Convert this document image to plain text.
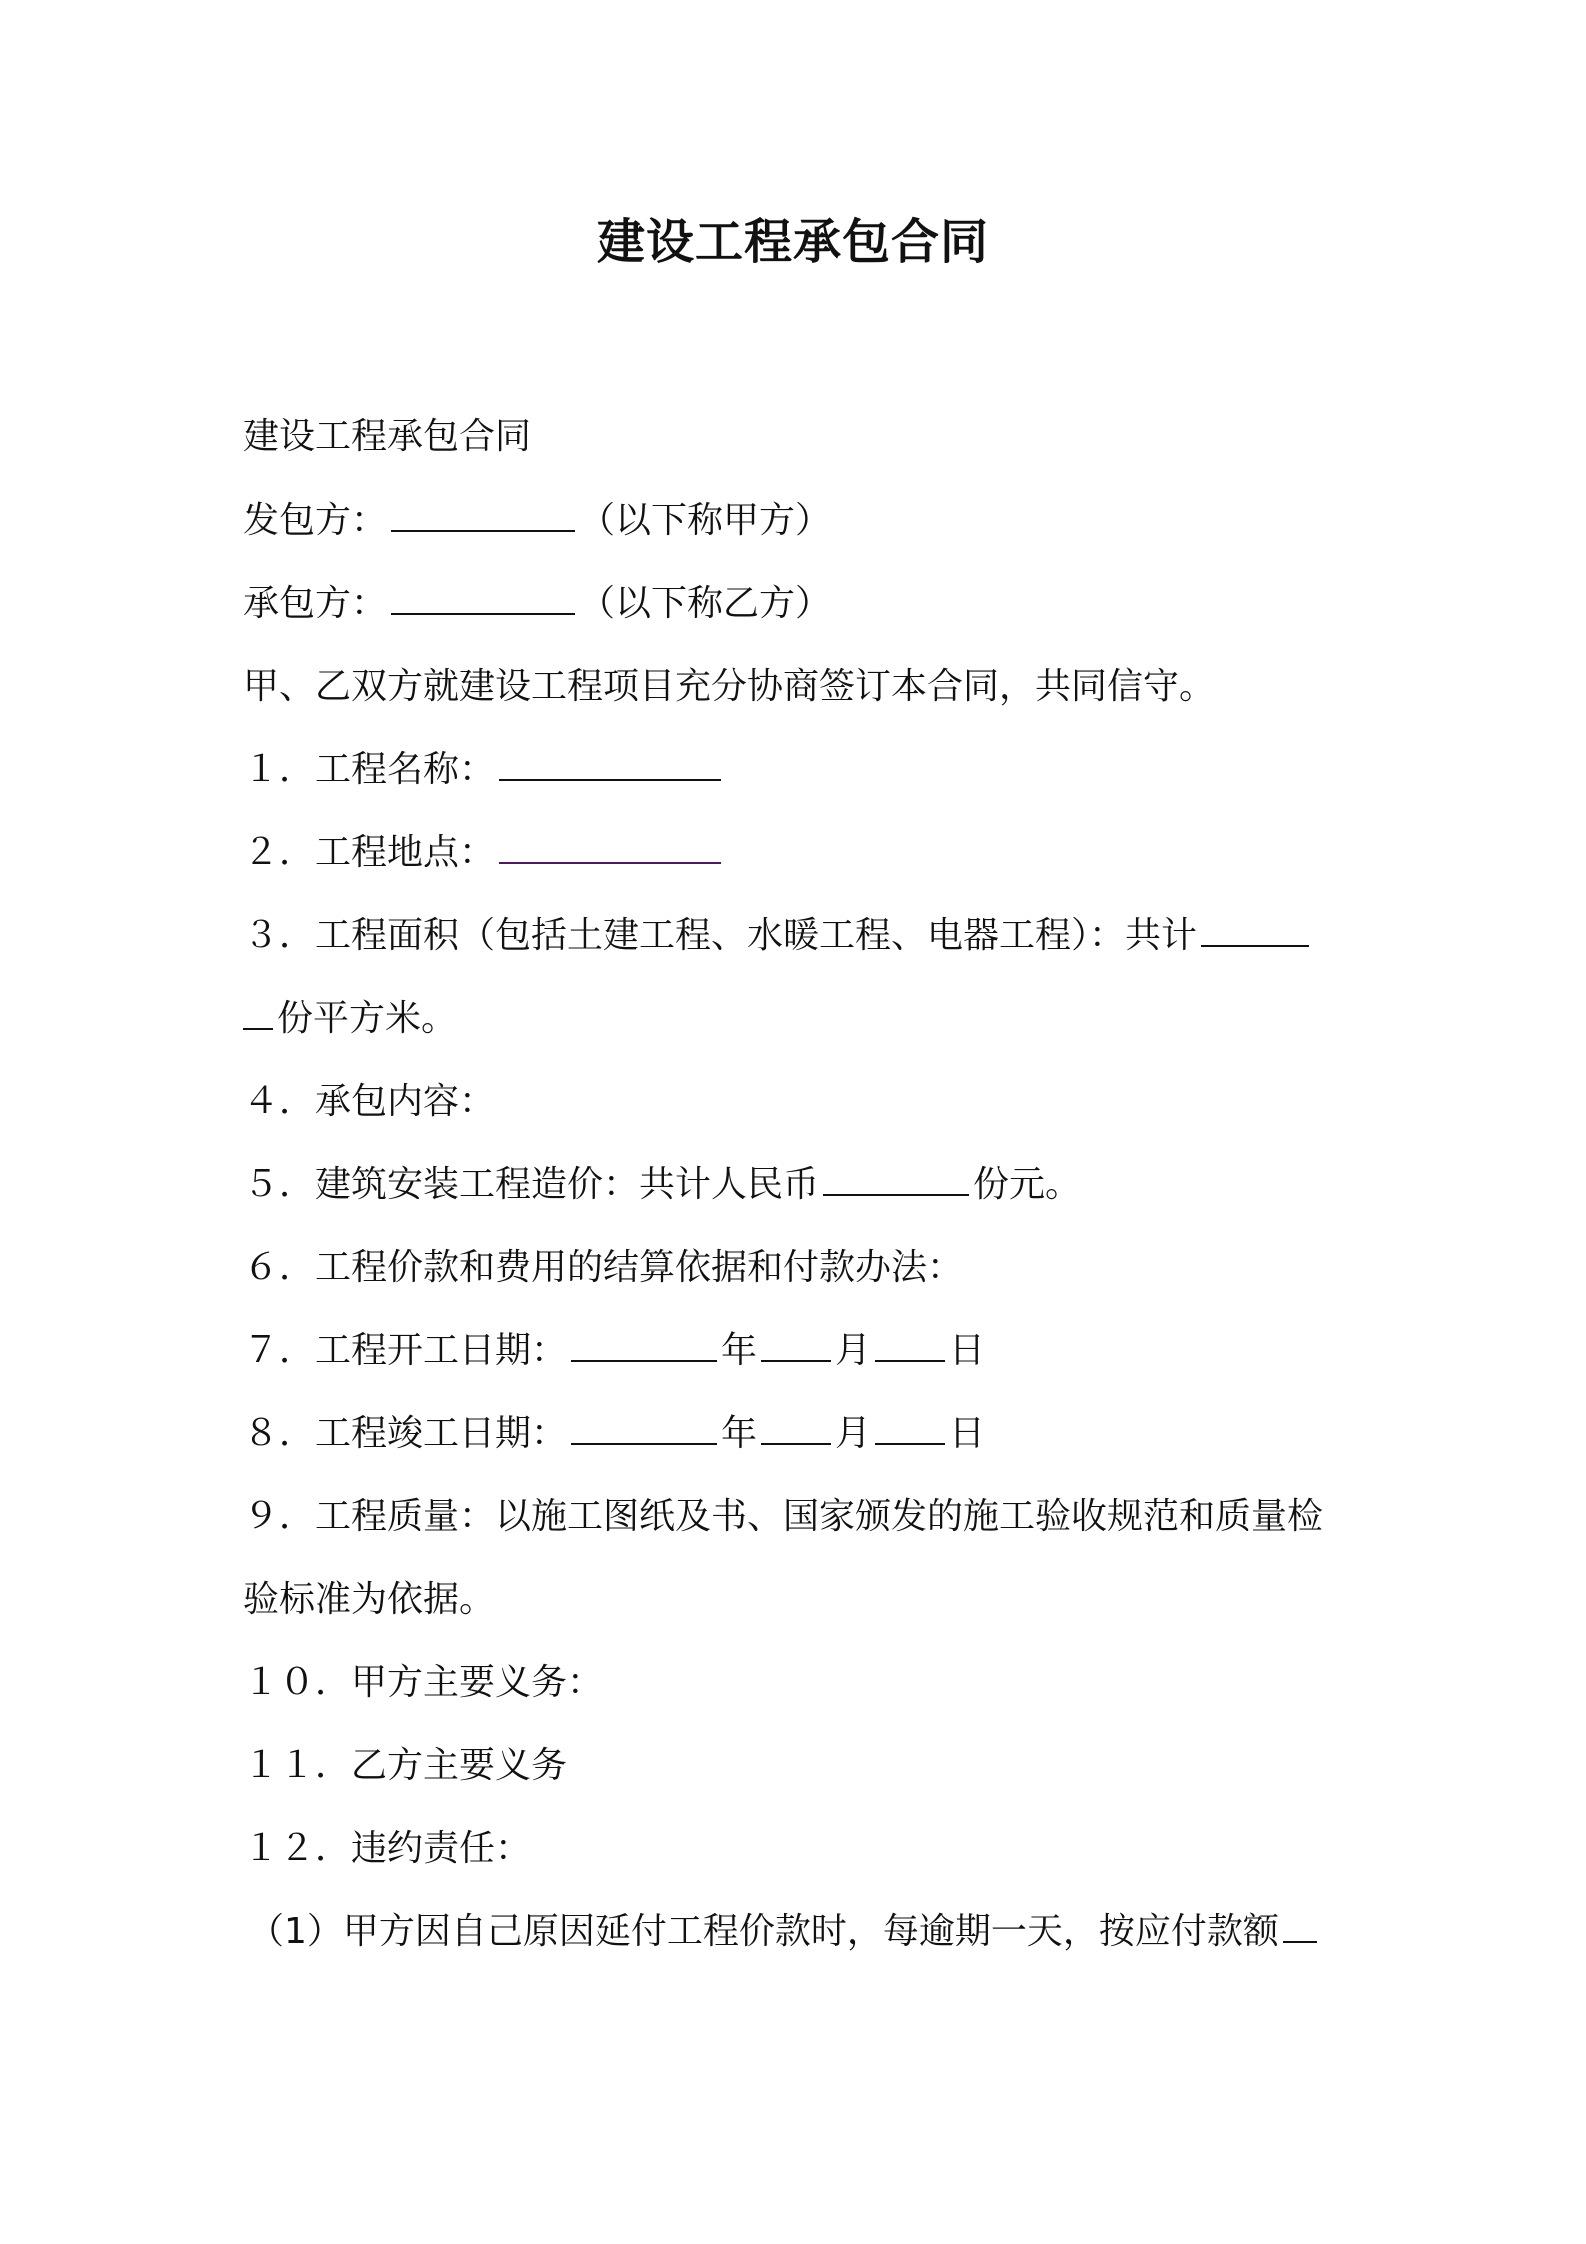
建设工程承包合同
建设工程承包合同
发包方：	（以下称甲方）
承包方：	（以下称乙方）
甲、乙双方就建设工程项目充分协商签订本合同，共同信守。
１．工程名称：
２．工程地点：
３．工程面积（包括土建工程、水暖工程、电器工程）：共计
份平方米。
４．承包内容：
５．建筑安装工程造价：共计人民币	份元。
６．工程价款和费用的结算依据和付款办法：
７．工程开工日期：	年 月 日
８．工程竣工日期：	年 月 日
９．工程质量：以施工图纸及书、国家颁发的施工验收规范和质量检
验标准为依据。
１０．甲方主要义务：
１１．乙方主要义务
１２．违约责任：
（1）甲方因自己原因延付工程价款时，每逾期一天，按应付款额
